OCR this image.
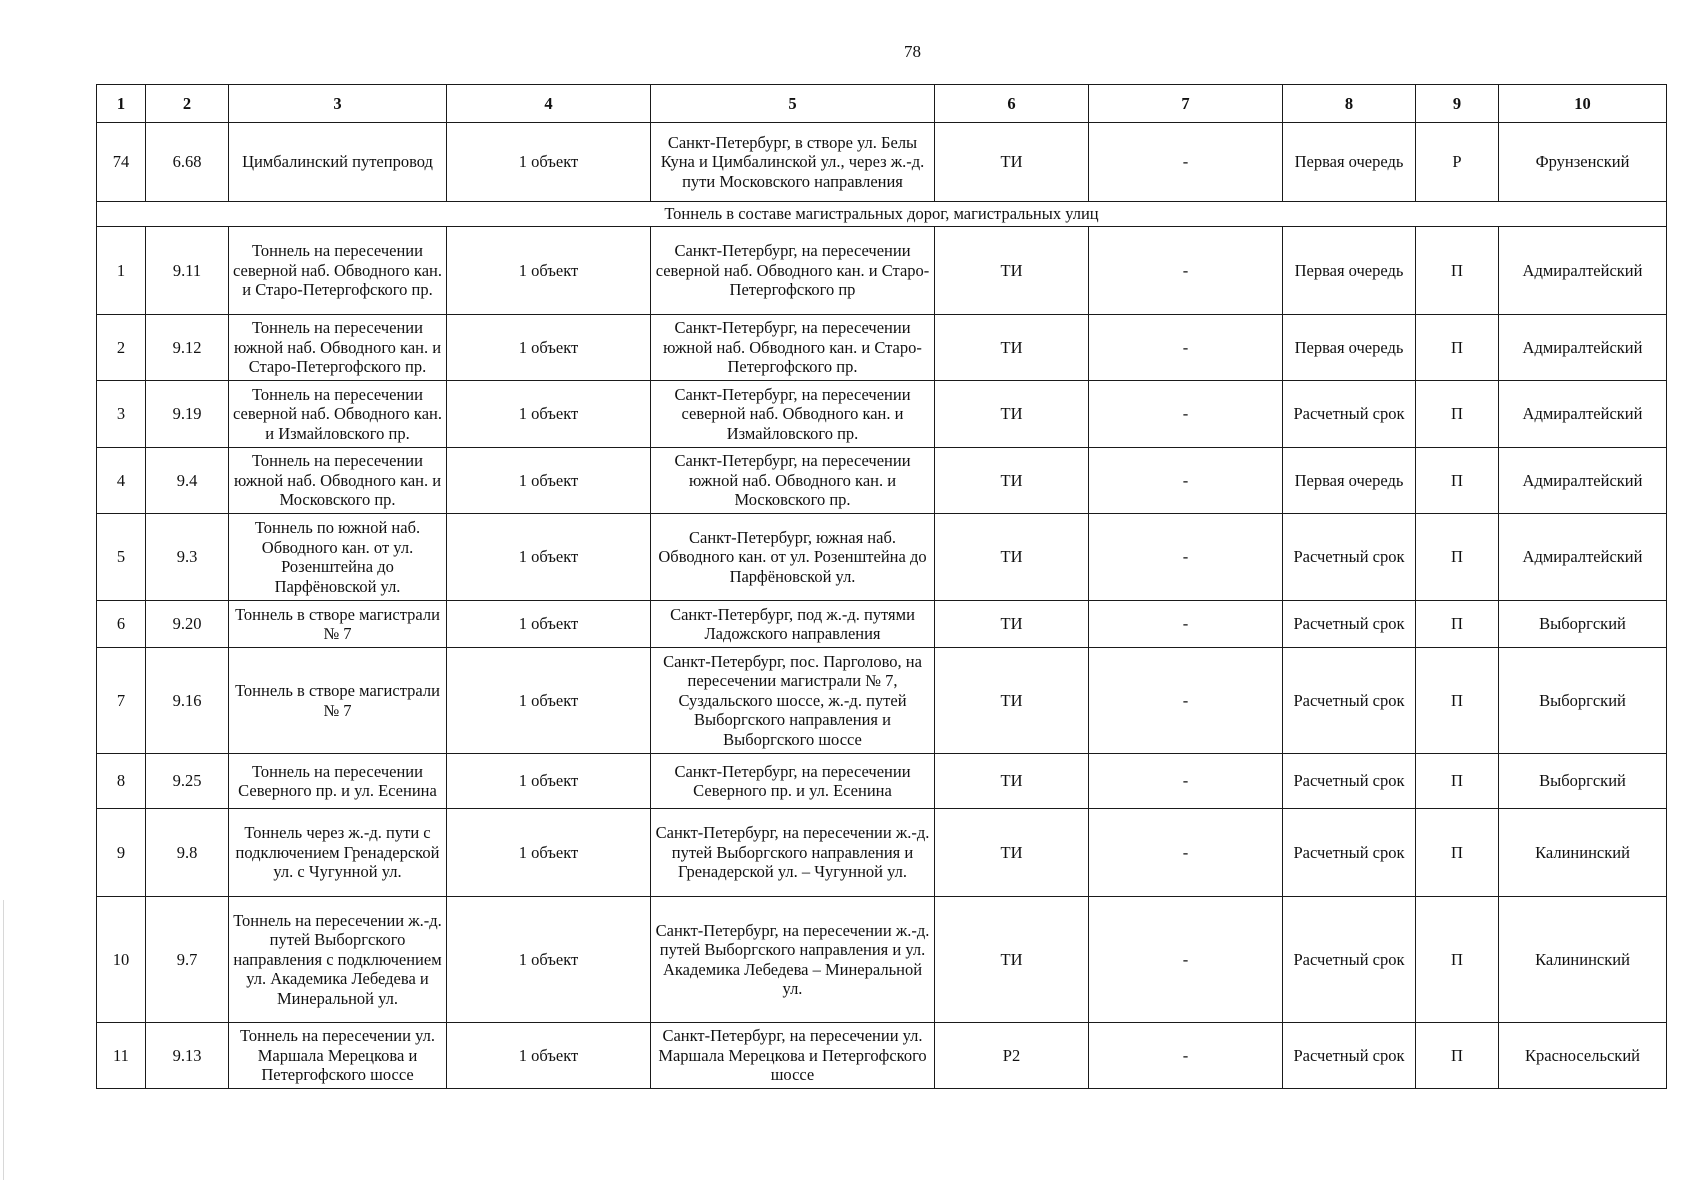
78
1	2	3	4	5	6	7	8	9	10
74	6.68	Цимбалинский путепровод	1 объект	Санкт-Петербург, в створе ул. Белы Куна и Цимбалинской ул., через ж.-д. пути Московского направления	ТИ	-	Первая очередь	Р	Фрунзенский
Тоннель в составе магистральных дорог, магистральных улиц									
1	9.11	Тоннель на пересечении северной наб. Обводного кан. и Старо-Петергофского пр.	1 объект	Санкт-Петербург, на пересечении северной наб. Обводного кан. и Старо-Петергофского пр	ТИ	-	Первая очередь	П	Адмиралтейский
2	9.12	Тоннель на пересечении южной наб. Обводного кан. и Старо-Петергофского пр.	1 объект	Санкт-Петербург, на пересечении южной наб. Обводного кан. и Старо-Петергофского пр.	ТИ	-	Первая очередь	П	Адмиралтейский
3	9.19	Тоннель на пересечении северной наб. Обводного кан. и Измайловского пр.	1 объект	Санкт-Петербург, на пересечении северной наб. Обводного кан. и Измайловского пр.	ТИ	-	Расчетный срок	П	Адмиралтейский
4	9.4	Тоннель на пересечении южной наб. Обводного кан. и Московского пр.	1 объект	Санкт-Петербург, на пересечении южной наб. Обводного кан. и Московского пр.	ТИ	-	Первая очередь	П	Адмиралтейский
5	9.3	Тоннель по южной наб. Обводного кан. от ул. Розенштейна до Парфёновской ул.	1 объект	Санкт-Петербург, южная наб. Обводного кан. от ул. Розенштейна до Парфёновской ул.	ТИ	-	Расчетный срок	П	Адмиралтейский
6	9.20	Тоннель в створе магистрали № 7	1 объект	Санкт-Петербург, под ж.-д. путями Ладожского направления	ТИ	-	Расчетный срок	П	Выборгский
7	9.16	Тоннель в створе магистрали № 7	1 объект	Санкт-Петербург, пос. Парголово, на пересечении магистрали № 7, Суздальского шоссе, ж.-д. путей Выборгского направления и Выборгского шоссе	ТИ	-	Расчетный срок	П	Выборгский
8	9.25	Тоннель на пересечении Северного пр. и ул. Есенина	1 объект	Санкт-Петербург, на пересечении Северного пр. и ул. Есенина	ТИ	-	Расчетный срок	П	Выборгский
9	9.8	Тоннель через ж.-д. пути с подключением Гренадерской ул. с Чугунной ул.	1 объект	Санкт-Петербург, на пересечении ж.-д. путей Выборгского направления и Гренадерской ул. – Чугунной ул.	ТИ	-	Расчетный срок	П	Калининский
10	9.7	Тоннель на пересечении ж.-д. путей Выборгского направления с подключением ул. Академика Лебедева и Минеральной ул.	1 объект	Санкт-Петербург, на пересечении ж.-д. путей Выборгского направления и ул. Академика Лебедева – Минеральной ул.	ТИ	-	Расчетный срок	П	Калининский
11	9.13	Тоннель на пересечении ул. Маршала Мерецкова и Петергофского шоссе	1 объект	Санкт-Петербург, на пересечении ул. Маршала Мерецкова и Петергофского шоссе	Р2	-	Расчетный срок	П	Красносельский
